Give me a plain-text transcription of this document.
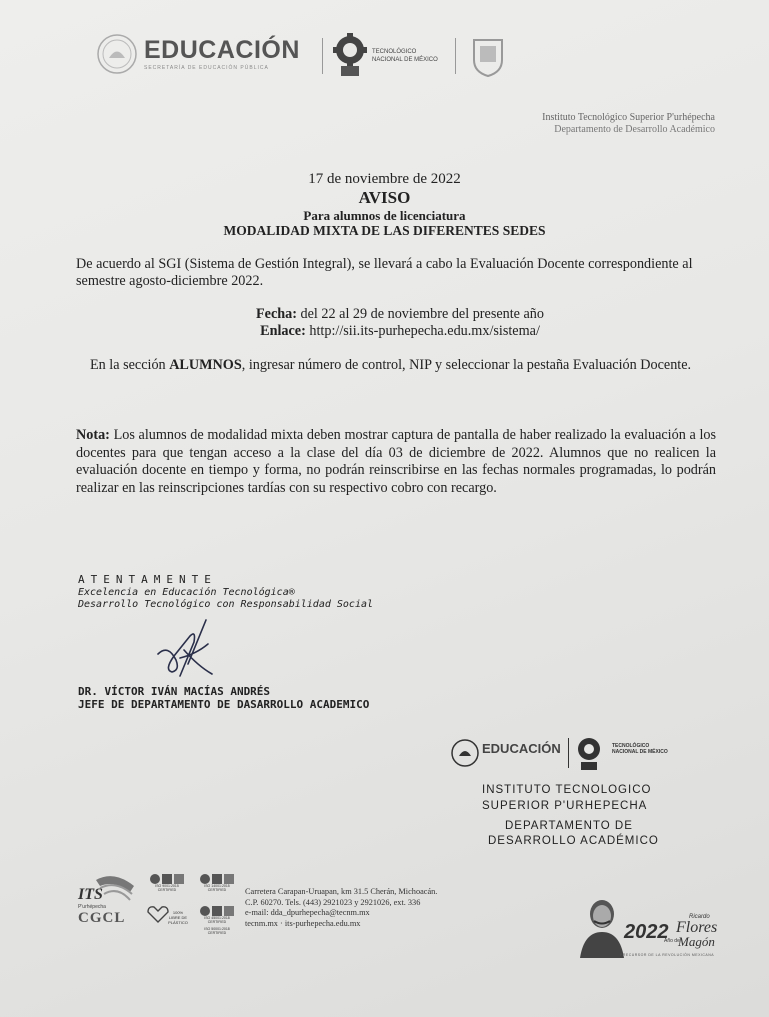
EDUCACIÓN
SECRETARÍA DE EDUCACIÓN PÚBLICA
TECNOLÓGICO
NACIONAL DE MÉXICO
Instituto Tecnológico Superior P'urhépecha
Departamento de Desarrollo Académico
17 de noviembre de 2022
AVISO
Para alumnos de licenciatura
MODALIDAD MIXTA DE LAS DIFERENTES SEDES
De acuerdo al SGI (Sistema de Gestión Integral), se llevará a cabo la Evaluación Docente correspondiente al semestre agosto-diciembre 2022.
Fecha: del 22 al 29 de noviembre del presente año
Enlace: http://sii.its-purhepecha.edu.mx/sistema/
En la sección ALUMNOS, ingresar número de control, NIP y seleccionar la pestaña Evaluación Docente.
Nota: Los alumnos de modalidad mixta deben mostrar captura de pantalla de haber realizado la evaluación a los docentes para que tengan acceso a la clase del día 03 de diciembre de 2022. Alumnos que no realicen la evaluación docente en tiempo y forma, no podrán reinscribirse en las fechas normales programadas, lo podrán realizar en las reinscripciones tardías con su respectivo cobro con recargo.
ATENTAMENTE
Excelencia en Educación Tecnológica®
Desarrollo Tecnológico con Responsabilidad Social
DR. VÍCTOR IVÁN MACÍAS ANDRÉS
JEFE DE DEPARTAMENTO DE DASARROLLO ACADEMICO
EDUCACIÓN	TECNOLÓGICO
NACIONAL DE MÉXICO
INSTITUTO TECNOLOGICO
SUPERIOR P'URHEPECHA
DEPARTAMENTO DE
DESARROLLO ACADÉMICO
ITS
P'urhépecha
CGCL
ISO 9001:2015 CERTIFIED
ISO 14001:2015 CERTIFIED
100% LIBRE DE PLÁSTICO
ISO 45001:2018 CERTIFIED
ISO 50001:2018 CERTIFIED
Carretera Carapan-Uruapan, km 31.5 Cherán, Michoacán.
C.P. 60270. Tels. (443) 2921023 y 2921026, ext. 336
e-mail: dda_dpurhepecha@tecnm.mx
tecnm.mx · its-purhepecha.edu.mx	2022
Año de
Ricardo
Flores
Magón
PRECURSOR DE LA REVOLUCIÓN MEXICANA
